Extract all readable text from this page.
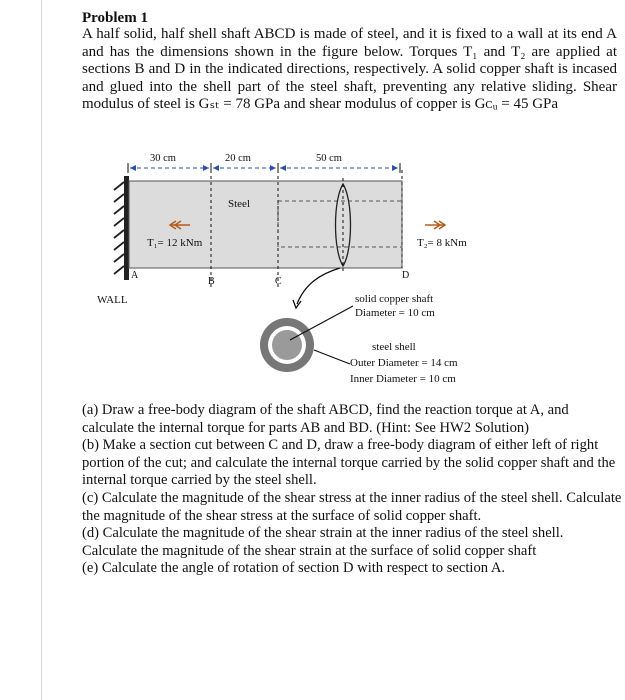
Problem 1
A half solid, half shell shaft ABCD is made of steel, and it is fixed to a wall at its end A and has the dimensions shown in the figure below. Torques T₁ and T₂ are applied at sections B and D in the indicated directions, respectively. A solid copper shaft is incased and glued into the shell part of the steel shaft, preventing any relative sliding. Shear modulus of steel is Gₛₜ = 78 GPa and shear modulus of copper is Gᴄᵤ = 45 GPa
30 cm	20 cm	50 cm
Steel
T₁= 12 kNm	T₂= 8 kNm
A
B	C
D
WALL	solid copper shaft
Diameter = 10 cm
steel shell
Outer Diameter = 14 cm
Inner Diameter = 10 cm

(a) Draw a free-body diagram of the shaft ABCD, find the reaction torque at A, and calculate the internal torque for parts AB and BD. (Hint: See HW2 Solution)

(b) Make a section cut between C and D, draw a free-body diagram of either left of right portion of the cut; and calculate the internal torque carried by the solid copper shaft and the internal torque carried by the steel shell.

(c) Calculate the magnitude of the shear stress at the inner radius of the steel shell. Calculate the magnitude of the shear stress at the surface of solid copper shaft.

(d) Calculate the magnitude of the shear strain at the inner radius of the steel shell. Calculate the magnitude of the shear strain at the surface of solid copper shaft

(e) Calculate the angle of rotation of section D with respect to section A.
